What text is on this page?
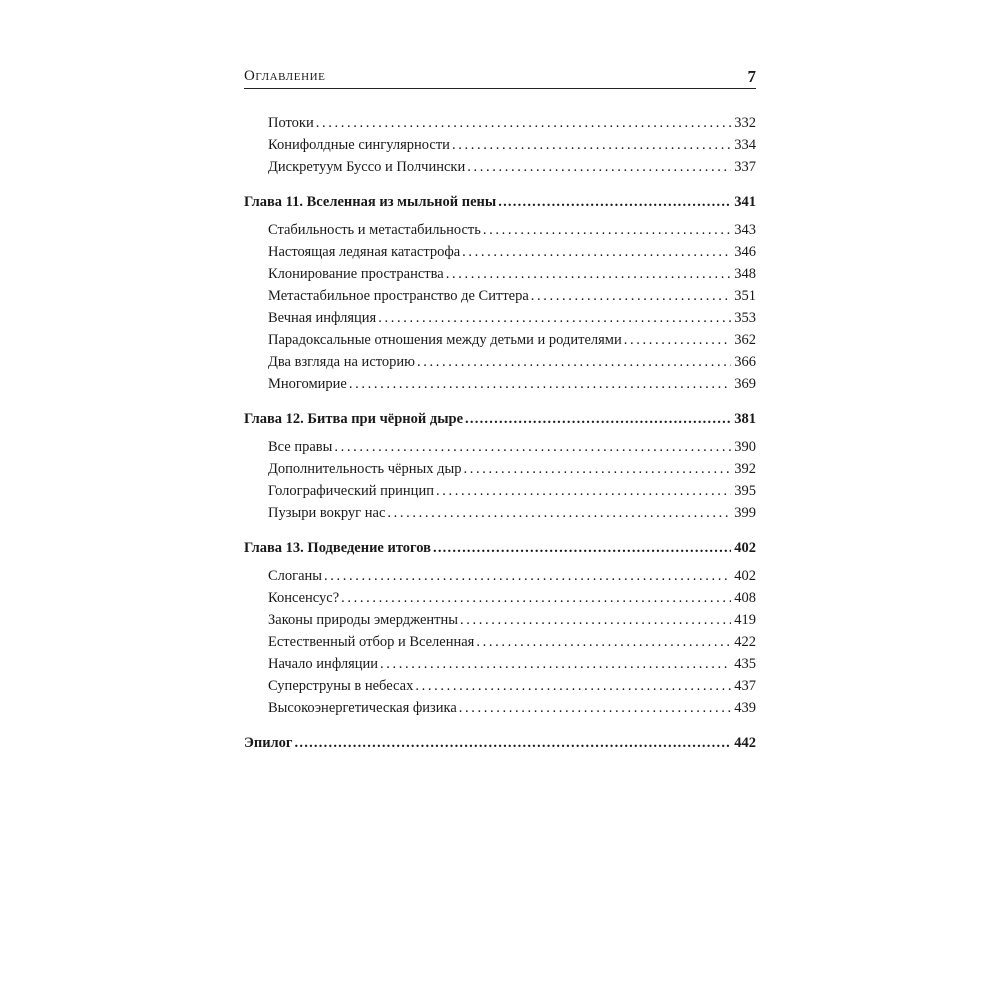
Оглавление	7
Потоки . . .	332
Конифолдные сингулярности . . .	334
Дискретуум Буссо и Полчински . . .	337
Глава 11. Вселенная из мыльной пены . . .	341
Стабильность и метастабильность . . .	343
Настоящая ледяная катастрофа . . .	346
Клонирование пространства . . .	348
Метастабильное пространство де Ситтера . . .	351
Вечная инфляция . . .	353
Парадоксальные отношения между детьми и родителями . . .	362
Два взгляда на историю . . .	366
Многомирие . . .	369
Глава 12. Битва при чёрной дыре . . .	381
Все правы . . .	390
Дополнительность чёрных дыр . . .	392
Голографический принцип . . .	395
Пузыри вокруг нас . . .	399
Глава 13. Подведение итогов . . .	402
Слоганы . . .	402
Консенсус? . . .	408
Законы природы эмерджентны . . .	419
Естественный отбор и Вселенная . . .	422
Начало инфляции . . .	435
Суперструны в небесах . . .	437
Высокоэнергетическая физика . . .	439
Эпилог . . .	442
